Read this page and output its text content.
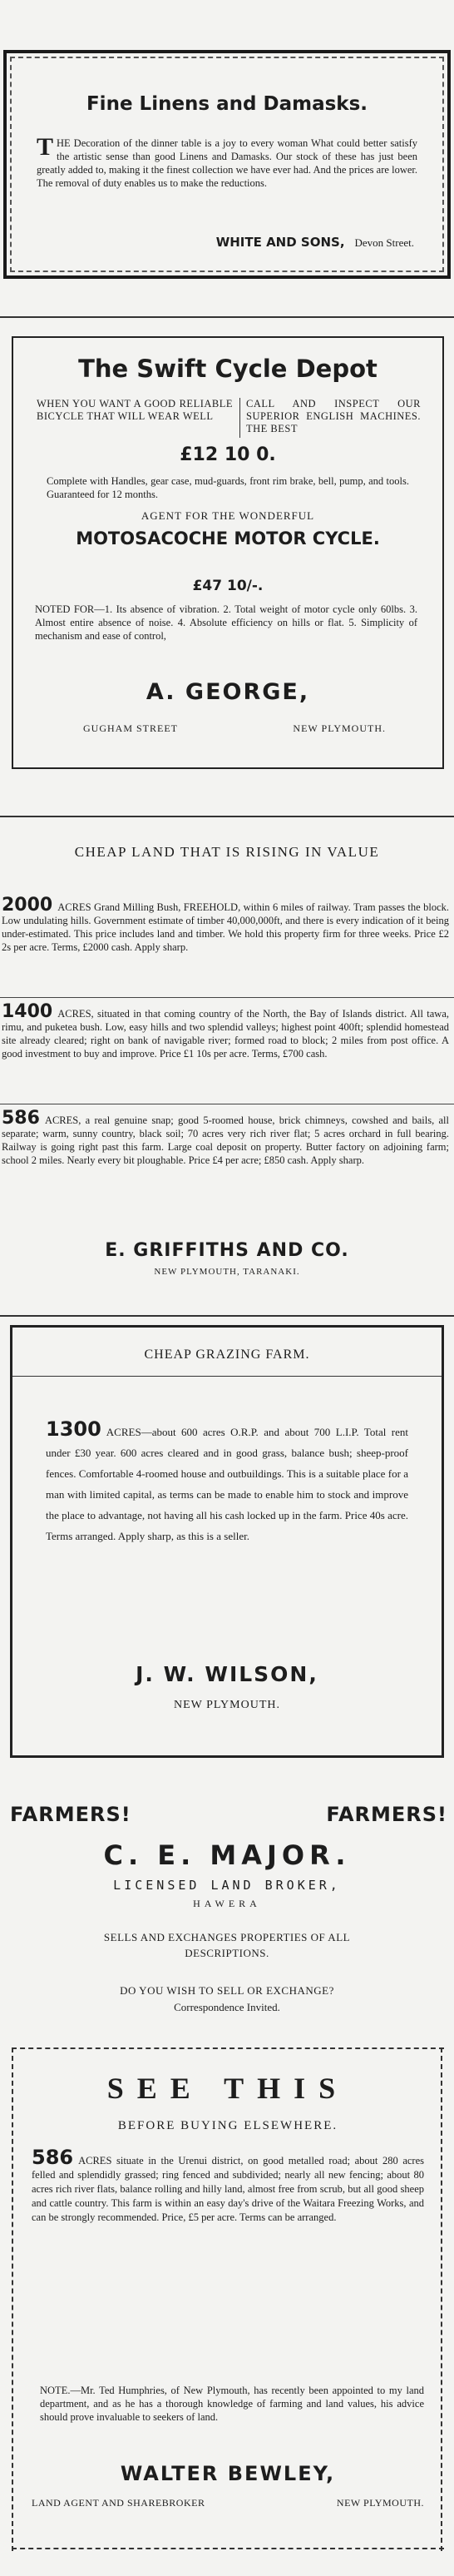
Fine Linens and Damasks.
T HE Decoration of the dinner table is a joy to every woman What could better satisfy the artistic sense than good Linens and Damasks. Our stock of these has just been greatly added to, making it the finest collection we have ever had. And the prices are lower. The removal of duty enables us to make the reductions.
WHITE AND SONS, Devon Street.
The Swift Cycle Depot
WHEN YOU WANT A GOOD RELIABLE BICYCLE THAT WILL WEAR WELL
CALL AND INSPECT OUR SUPERIOR ENGLISH MACHINES. THE BEST
£12 10 0.
Complete with Handles, gear case, mud-guards, front rim brake, bell, pump, and tools. Guaranteed for 12 months.
AGENT FOR THE WONDERFUL
MOTOSACOCHE MOTOR CYCLE.
£47 10/-.
NOTED FOR—1. Its absence of vibration. 2. Total weight of motor cycle only 60lbs. 3. Almost entire absence of noise. 4. Absolute efficiency on hills or flat. 5. Simplicity of mechanism and ease of control,
A. GEORGE,
GUGHAM STREET	NEW PLYMOUTH.
CHEAP LAND THAT IS RISING IN VALUE

2000 ACRES Grand Milling Bush, FREEHOLD, within 6 miles of railway. Tram passes the block. Low undulating hills. Government estimate of timber 40,000,000ft, and there is every indication of it being under-estimated. This price includes land and timber. We hold this property firm for three weeks. Price £2 2s per acre. Terms, £2000 cash. Apply sharp.

1400 ACRES, situated in that coming country of the North, the Bay of Islands district. All tawa, rimu, and puketea bush. Low, easy hills and two splendid valleys; highest point 400ft; splendid homestead site already cleared; right on bank of navigable river; formed road to block; 2 miles from post office. A good investment to buy and improve. Price £1 10s per acre. Terms, £700 cash.

586 ACRES, a real genuine snap; good 5-roomed house, brick chimneys, cowshed and bails, all separate; warm, sunny country, black soil; 70 acres very rich river flat; 5 acres orchard in full bearing. Railway is going right past this farm. Large coal deposit on property. Butter factory on adjoining farm; school 2 miles. Nearly every bit ploughable. Price £4 per acre; £850 cash. Apply sharp.

E. GRIFFITHS AND CO.
NEW PLYMOUTH, TARANAKI.
CHEAP GRAZING FARM.
1300 ACRES—about 600 acres O.R.P. and about 700 L.I.P. Total rent under £30 year. 600 acres cleared and in good grass, balance bush; sheep-proof fences. Comfortable 4-roomed house and outbuildings. This is a suitable place for a man with limited capital, as terms can be made to enable him to stock and improve the place to advantage, not having all his cash locked up in the farm. Price 40s acre. Terms arranged. Apply sharp, as this is a seller.
J. W. WILSON,
NEW PLYMOUTH.
FARMERS!	FARMERS!
C. E. MAJOR.
LICENSED LAND BROKER,
HAWERA
SELLS AND EXCHANGES PROPERTIES OF ALL DESCRIPTIONS.
DO YOU WISH TO SELL OR EXCHANGE?
Correspondence Invited.
SEE THIS
BEFORE BUYING ELSEWHERE.
586 ACRES situate in the Urenui district, on good metalled road; about 280 acres felled and splendidly grassed; ring fenced and subdivided; nearly all new fencing; about 80 acres rich river flats, balance rolling and hilly land, almost free from scrub, but all good sheep and cattle country. This farm is within an easy day's drive of the Waitara Freezing Works, and can be strongly recommended. Price, £5 per acre. Terms can be arranged.
NOTE.—Mr. Ted Humphries, of New Plymouth, has recently been appointed to my land department, and as he has a thorough knowledge of farming and land values, his advice should prove invaluable to seekers of land.
WALTER BEWLEY,
LAND AGENT AND SHAREBROKER	NEW PLYMOUTH.
